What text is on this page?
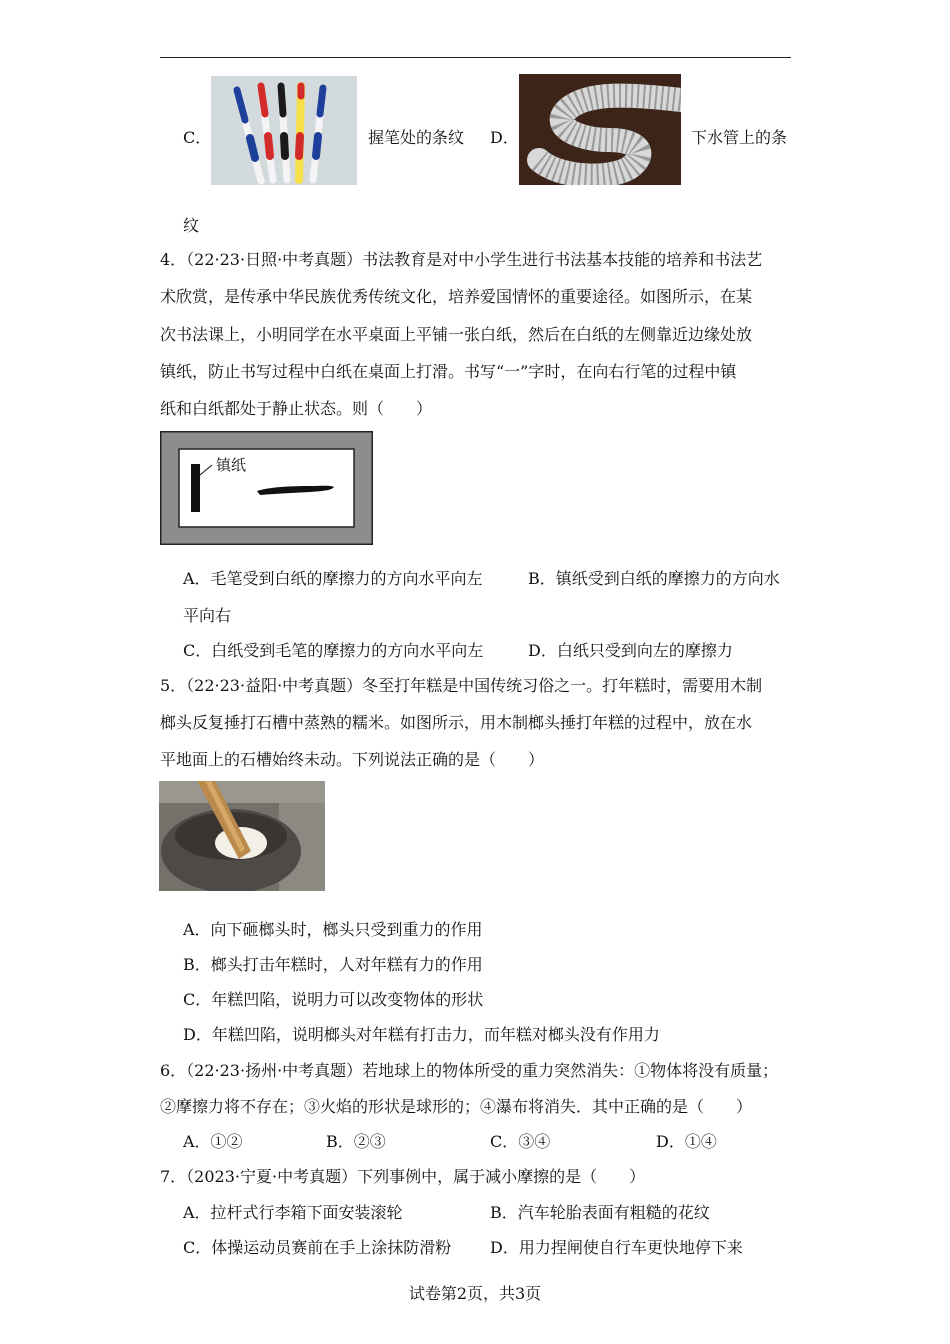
C．	握笔处的条纹 D．	下水管上的条
纹
4．（22·23·日照·中考真题）书法教育是对中小学生进行书法基本技能的培养和书法艺
术欣赏，是传承中华民族优秀传统文化，培养爱国情怀的重要途径。如图所示，在某
次书法课上，小明同学在水平桌面上平铺一张白纸，然后在白纸的左侧靠近边缘处放
镇纸，防止书写过程中白纸在桌面上打滑。书写“一”字时，在向右行笔的过程中镇
纸和白纸都处于静止状态。则（　　）
镇纸
A．毛笔受到白纸的摩擦力的方向水平向左	B．镇纸受到白纸的摩擦力的方向水
平向右
C．白纸受到毛笔的摩擦力的方向水平向左	D．白纸只受到向左的摩擦力
5．（22·23·益阳·中考真题）冬至打年糕是中国传统习俗之一。打年糕时，需要用木制
榔头反复捶打石槽中蒸熟的糯米。如图所示，用木制榔头捶打年糕的过程中，放在水
平地面上的石槽始终未动。下列说法正确的是（　　）
A．向下砸榔头时，榔头只受到重力的作用
B．榔头打击年糕时，人对年糕有力的作用
C．年糕凹陷，说明力可以改变物体的形状
D．年糕凹陷，说明榔头对年糕有打击力，而年糕对榔头没有作用力
6．（22·23·扬州·中考真题）若地球上的物体所受的重力突然消失：①物体将没有质量；
②摩擦力将不存在；③火焰的形状是球形的；④瀑布将消失．其中正确的是（　　）
A．①②	B．②③	C．③④	D．①④
7．（2023·宁夏·中考真题）下列事例中，属于减小摩擦的是（　　）
A．拉杆式行李箱下面安装滚轮	B．汽车轮胎表面有粗糙的花纹
C．体操运动员赛前在手上涂抹防滑粉 D．用力捏闸使自行车更快地停下来
试卷第2页，共3页
